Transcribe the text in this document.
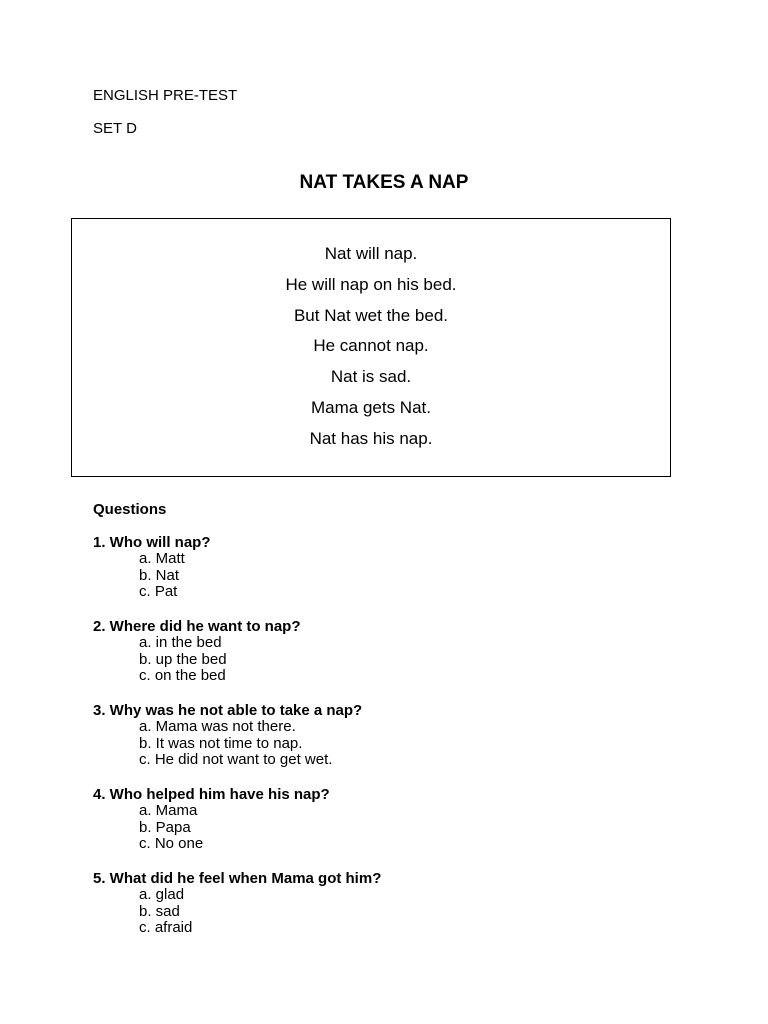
ENGLISH PRE-TEST
SET D
NAT TAKES A NAP
Nat will nap.
He will nap on his bed.
But Nat wet the bed.
He cannot nap.
Nat is sad.
Mama gets Nat.
Nat has his nap.
Questions
1. Who will nap?
a. Matt
b. Nat
c. Pat
2. Where did he want to nap?
a. in the bed
b. up the bed
c. on the bed
3. Why was he not able to take a nap?
a. Mama was not there.
b. It was not time to nap.
c. He did not want to get wet.
4. Who helped him have his nap?
a. Mama
b. Papa
c. No one
5. What did he feel when Mama got him?
a. glad
b. sad
c. afraid
